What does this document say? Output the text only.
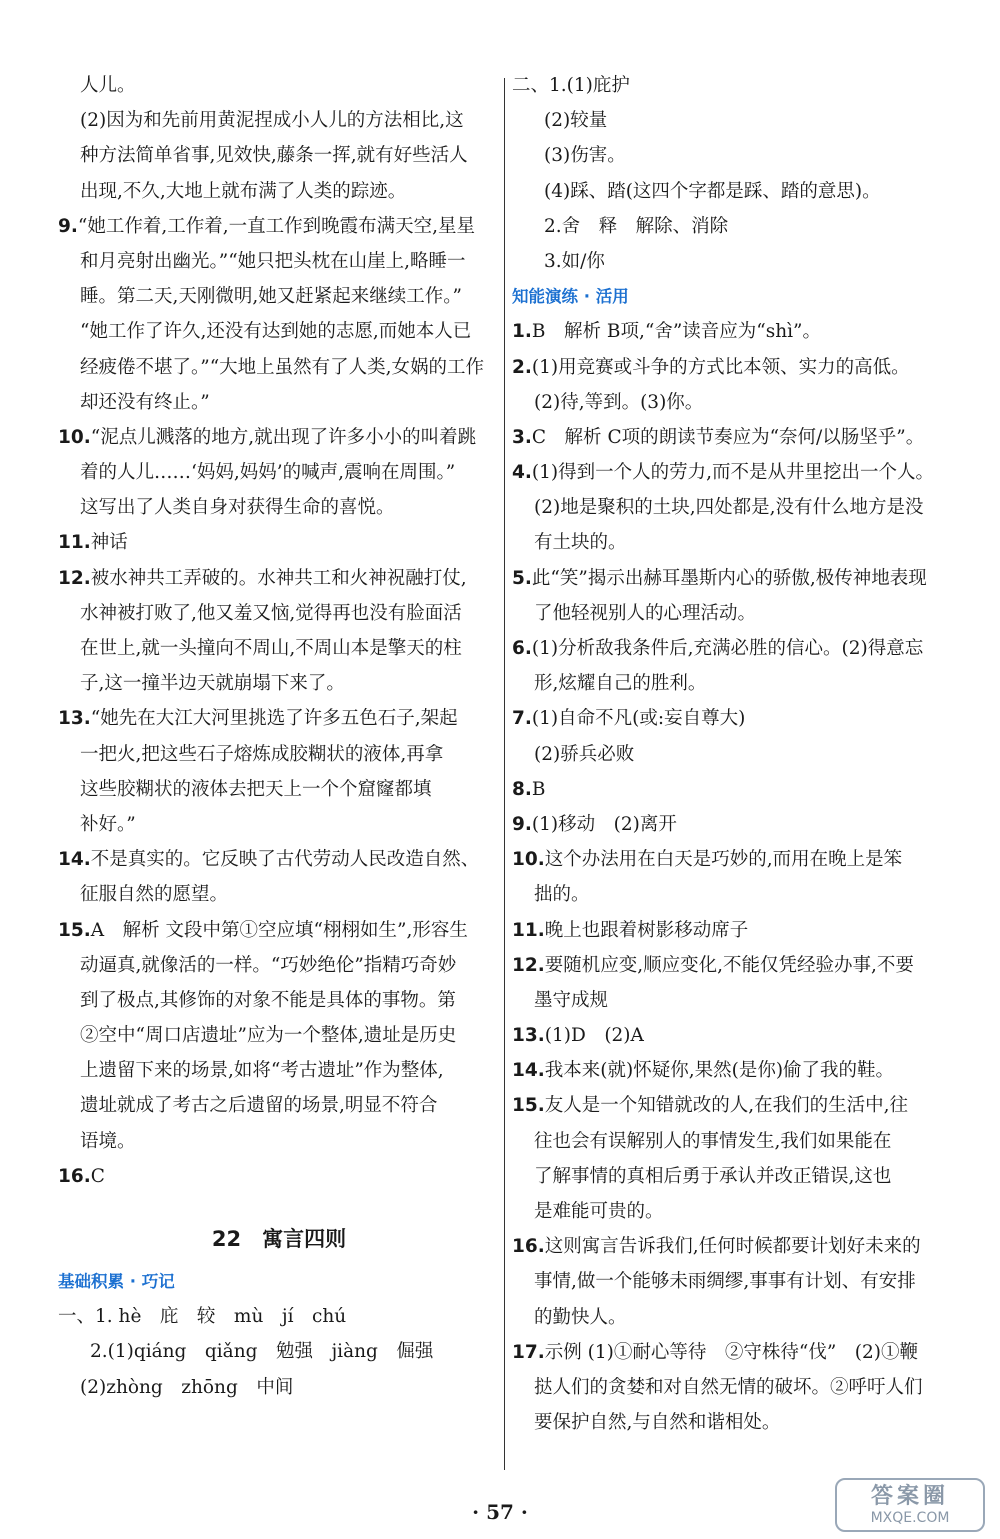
人儿。
(2)因为和先前用黄泥捏成小人儿的方法相比,这
种方法简单省事,见效快,藤条一挥,就有好些活人
出现,不久,大地上就布满了人类的踪迹。
9.“她工作着,工作着,一直工作到晚霞布满天空,星星
和月亮射出幽光。”“她只把头枕在山崖上,略睡一
睡。第二天,天刚微明,她又赶紧起来继续工作。”
“她工作了许久,还没有达到她的志愿,而她本人已
经疲倦不堪了。”“大地上虽然有了人类,女娲的工作
却还没有终止。”
10.“泥点儿溅落的地方,就出现了许多小小的叫着跳
着的人儿……‘妈妈,妈妈’的喊声,震响在周围。”
这写出了人类自身对获得生命的喜悦。
11.神话
12.被水神共工弄破的。水神共工和火神祝融打仗,
水神被打败了,他又羞又恼,觉得再也没有脸面活
在世上,就一头撞向不周山,不周山本是擎天的柱
子,这一撞半边天就崩塌下来了。
13.“她先在大江大河里挑选了许多五色石子,架起
一把火,把这些石子熔炼成胶糊状的液体,再拿
这些胶糊状的液体去把天上一个个窟窿都填
补好。”
14.不是真实的。它反映了古代劳动人民改造自然、
征服自然的愿望。
15.A　解析 文段中第①空应填“栩栩如生”,形容生
动逼真,就像活的一样。“巧妙绝伦”指精巧奇妙
到了极点,其修饰的对象不能是具体的事物。第
②空中“周口店遗址”应为一个整体,遗址是历史
上遗留下来的场景,如将“考古遗址”作为整体,
遗址就成了考古之后遗留的场景,明显不符合
语境。
16.C
22　寓言四则
基础积累 · 巧记
一、1. hè　庇　较　mù　jí　chú
2.(1)qiáng　qiǎng　勉强　jiàng　倔强
(2)zhòng　zhōng　中间
二、1.(1)庇护
(2)较量
(3)伤害。
(4)踩、踏(这四个字都是踩、踏的意思)。
2.舍　释　解除、消除
3.如/你
知能演练 · 活用
1.B　解析 B项,“舍”读音应为“shì”。
2.(1)用竞赛或斗争的方式比本领、实力的高低。
(2)待,等到。(3)你。
3.C　解析 C项的朗读节奏应为“奈何/以肠坚乎”。
4.(1)得到一个人的劳力,而不是从井里挖出一个人。
(2)地是聚积的土块,四处都是,没有什么地方是没
有土块的。
5.此“笑”揭示出赫耳墨斯内心的骄傲,极传神地表现
了他轻视别人的心理活动。
6.(1)分析敌我条件后,充满必胜的信心。(2)得意忘
形,炫耀自己的胜利。
7.(1)自命不凡(或:妄自尊大)
(2)骄兵必败
8.B
9.(1)移动　(2)离开
10.这个办法用在白天是巧妙的,而用在晚上是笨
拙的。
11.晚上也跟着树影移动席子
12.要随机应变,顺应变化,不能仅凭经验办事,不要
墨守成规
13.(1)D　(2)A
14.我本来(就)怀疑你,果然(是你)偷了我的鞋。
15.友人是一个知错就改的人,在我们的生活中,往
往也会有误解别人的事情发生,我们如果能在
了解事情的真相后勇于承认并改正错误,这也
是难能可贵的。
16.这则寓言告诉我们,任何时候都要计划好未来的
事情,做一个能够未雨绸缪,事事有计划、有安排
的勤快人。
17.示例 (1)①耐心等待　②守株待“伐”　(2)①鞭
挞人们的贪婪和对自然无情的破坏。②呼吁人们
要保护自然,与自然和谐相处。
· 57 ·
答案圈
MXQE.COM
